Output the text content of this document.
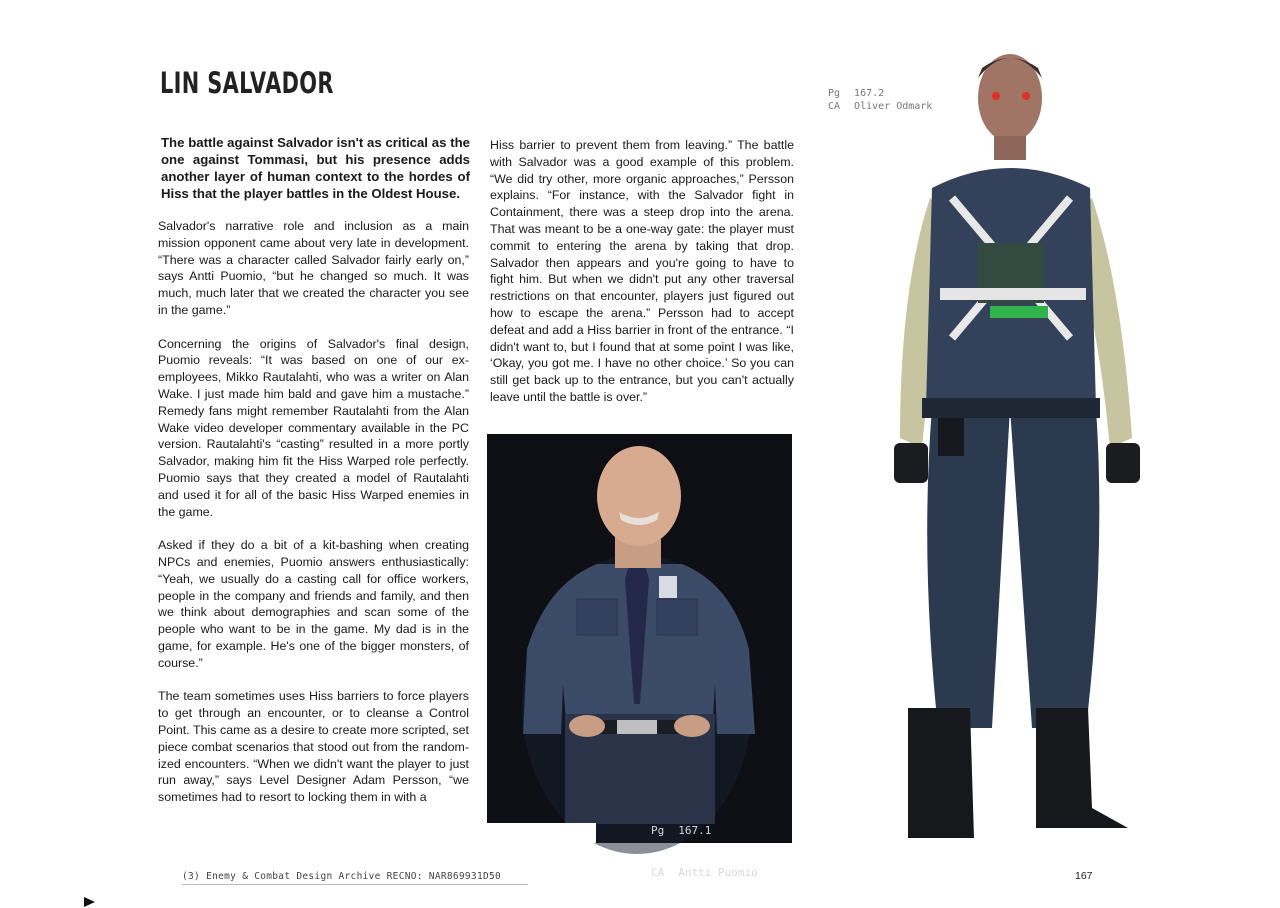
LIN SALVADOR

The battle against Salvador isn't as critical as the one against Tommasi, but his presence adds another layer of human context to the hordes of Hiss that the player battles in the Oldest House.

Salvador's narrative role and inclusion as a main mission opponent came about very late in development. “There was a character called Salvador fairly early on,” says Antti Puomio, “but he changed so much. It was much, much later that we created the character you see in the game.”

Concerning the origins of Salvador's final design, Puomio reveals: “It was based on one of our ex-employees, Mikko Rautalahti, who was a writer on Alan Wake. I just made him bald and gave him a mustache.” Remedy fans might remember Rautalahti from the Alan Wake video developer commentary available in the PC version. Rautalahti's “casting” resulted in a more portly Salvador, making him fit the Hiss Warped role perfectly. Puomio says that they created a model of Rautalahti and used it for all of the basic Hiss Warped enemies in the game.

Asked if they do a bit of a kit-bashing when creating NPCs and enemies, Puomio answers enthusiastically: “Yeah, we usually do a casting call for office workers, people in the company and friends and family, and then we think about demographies and scan some of the people who want to be in the game. My dad is in the game, for example. He's one of the bigger monsters, of course.”

The team sometimes uses Hiss barriers to force players to get through an encounter, or to cleanse a Control Point. This came as a desire to create more scripted, set piece combat scenarios that stood out from the random-ized encounters. “When we didn't want the player to just run away,” says Level Designer Adam Persson, “we sometimes had to resort to locking them in with a

Hiss barrier to prevent them from leaving.” The battle with Salvador was a good example of this problem. “We did try other, more organic approaches,” Persson explains. “For instance, with the Salvador fight in Containment, there was a steep drop into the arena. That was meant to be a one-way gate: the player must commit to entering the arena by taking that drop. Salvador then appears and you're going to have to fight him. But when we didn't put any other traversal restrictions on that encounter, players just figured out how to escape the arena.” Persson had to accept defeat and add a Hiss barrier in front of the entrance. “I didn't want to, but I found that at some point I was like, ‘Okay, you got me. I have no other choice.’ So you can still get back up to the entrance, but you can't actually leave until the battle is over.”

Pg 167.1

CA Antti Puomio

Pg 167.2
CA Oliver Odmark
(3) Enemy & Combat Design Archive RECNO: NAR869931D50	167
